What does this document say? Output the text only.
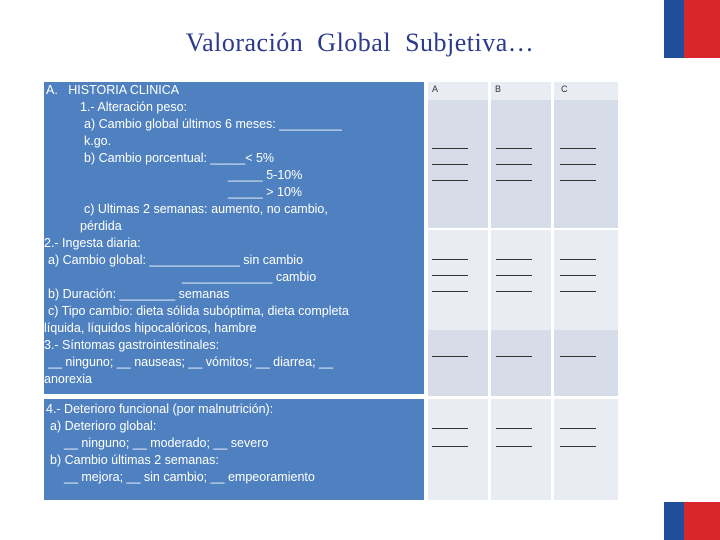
Valoración  Global  Subjetiva…
A.   HISTORIA CLINICA
1.- Alteración peso:
a) Cambio global últimos 6 meses: _________
k.go.
b) Cambio porcentual: _____< 5%
_____ 5-10%
_____ > 10%
c) Ultimas 2 semanas: aumento, no cambio,
pérdida
2.- Ingesta diaria:
a) Cambio global: _____________ sin cambio
_____________ cambio
b) Duración: ________ semanas
c) Tipo cambio: dieta sólida subóptima, dieta completa
líquida, líquidos hipocalóricos, hambre
3.- Síntomas gastrointestinales:
__ ninguno; __ nauseas; __ vómitos; __ diarrea; __
anorexia
4.- Deterioro funcional (por malnutrición):
a) Deterioro global:
__ ninguno; __ moderado; __ severo
b) Cambio últimas 2 semanas:
__ mejora; __ sin cambio; __ empeoramiento
A	B	C
